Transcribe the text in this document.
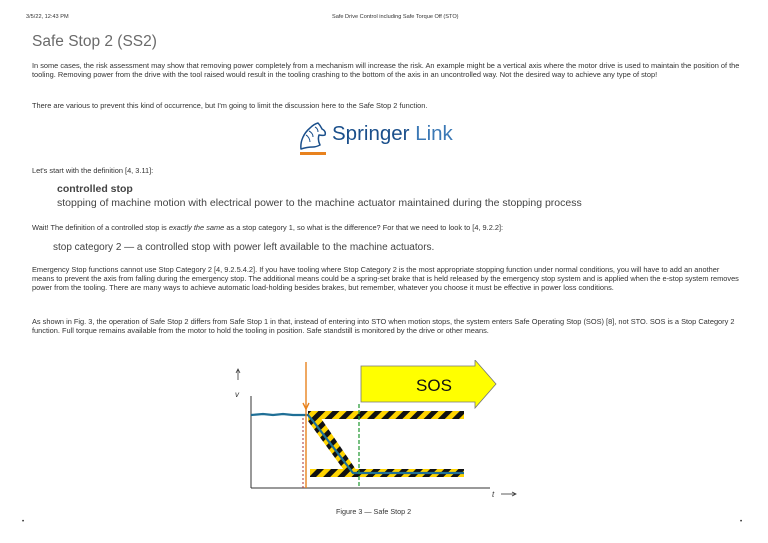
3/5/22, 12:43 PM	Safe Drive Control including Safe Torque Off (STO)
Safe Stop 2 (SS2)

In some cases, the risk assessment may show that removing power completely from a mechanism will increase the risk. An example might be a vertical axis where the motor drive is used to maintain the position of the tooling. Removing power from the drive with the tool raised would result in the tooling crashing to the bottom of the axis in an uncontrolled way. Not the desired way to achieve any type of stop!

There are various to prevent this kind of occurrence, but I'm going to limit the discussion here to the Safe Stop 2 function.

Springer Link

Let's start with the definition [4, 3.11]:

controlled stop
stopping of machine motion with electrical power to the machine actuator maintained during the stopping process

Wait! The definition of a controlled stop is exactly the same as a stop category 1, so what is the difference? For that we need to look to [4, 9.2.2]:

stop category 2 — a controlled stop with power left available to the machine actuators.

Emergency Stop functions cannot use Stop Category 2 [4, 9.2.5.4.2]. If you have tooling where Stop Category 2 is the most appropriate stopping function under normal conditions, you will have to add an another means to prevent the axis from falling during the emergency stop. The additional means could be a spring-set brake that is held released by the emergency stop system and is applied when the e-stop system removes power from the tooling. There are many ways to achieve automatic load-holding besides brakes, but remember, whatever you choose it must be effective in power loss conditions.

As shown in Fig. 3, the operation of Safe Stop 2 differs from Safe Stop 1 in that, instead of entering into STO when motion stops, the system enters Safe Operating Stop (SOS) [8], not STO. SOS is a Stop Category 2 function. Full torque remains available from the motor to hold the tooling in position. Safe standstill is monitored by the drive or other means.

SOS
v
t
Figure 3 — Safe Stop 2
•	•
